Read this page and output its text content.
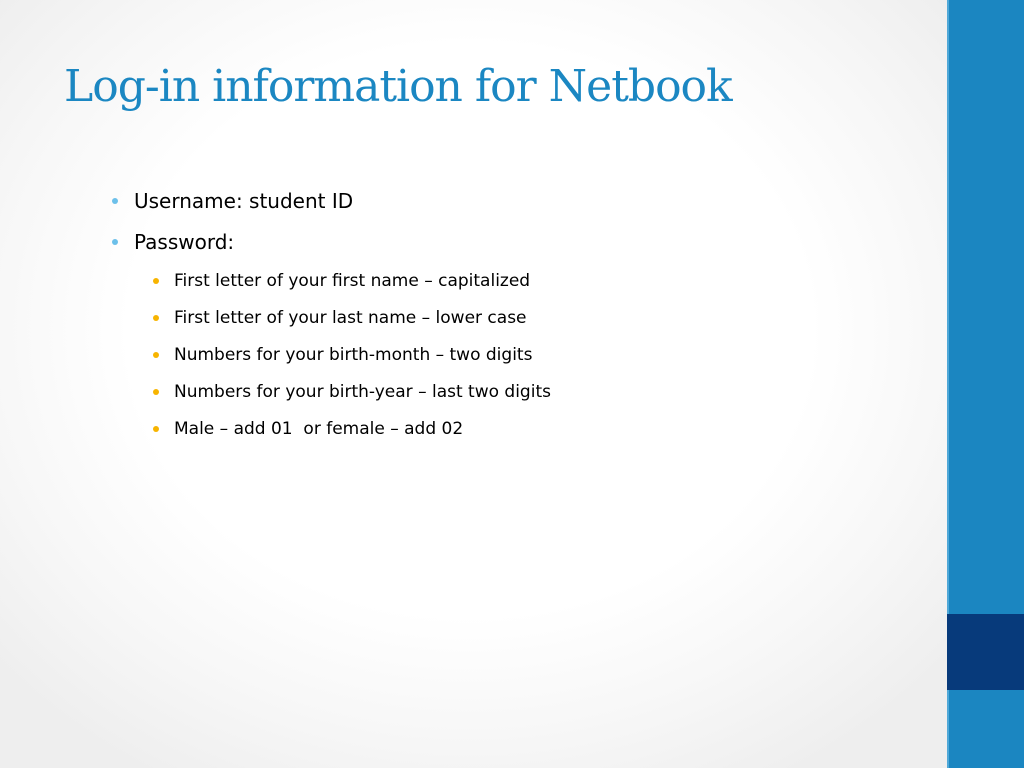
Log-in information for Netbook
Username: student ID
Password:
First letter of your first name – capitalized
First letter of your last name – lower case
Numbers for your birth-month – two digits
Numbers for your birth-year – last two digits
Male – add 01  or female – add 02
